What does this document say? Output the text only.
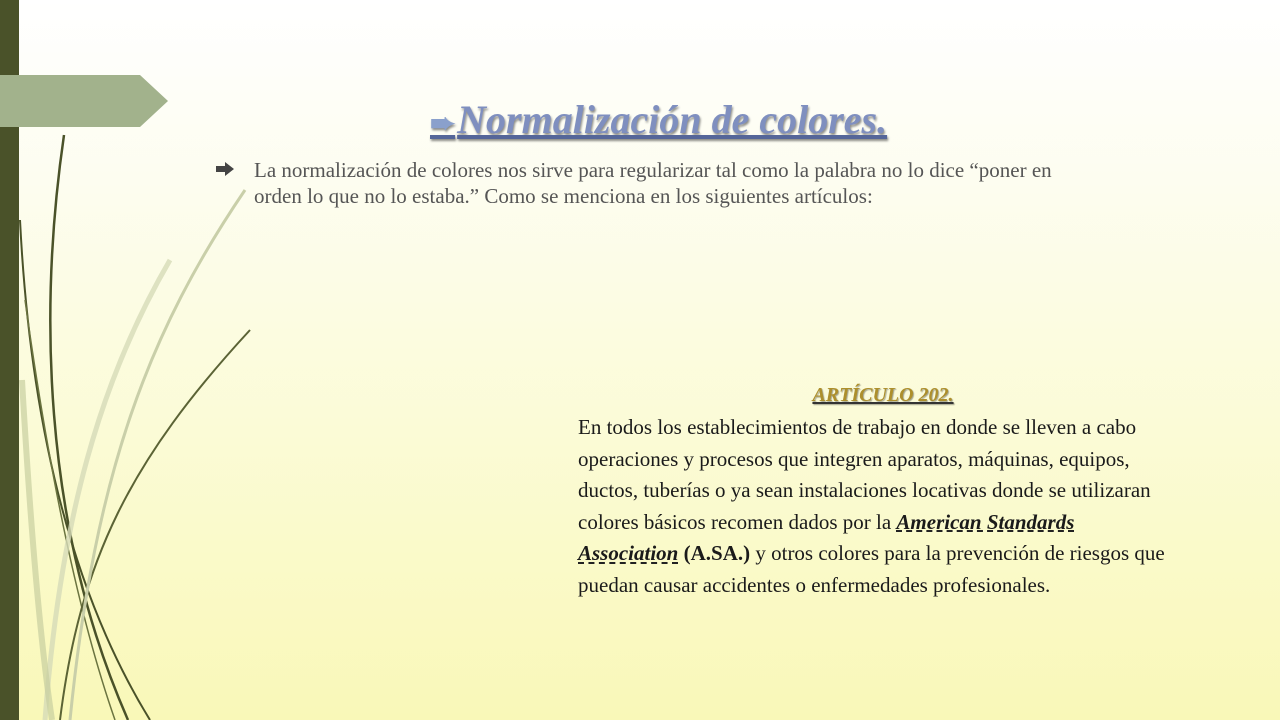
➨Normalización de colores.
La normalización de colores nos sirve para regularizar tal como la palabra no lo dice “poner en orden lo que no lo estaba.” Como se menciona en los siguientes artículos:
ARTÍCULO 202.
En todos los establecimientos de trabajo en donde se lleven a cabo operaciones y procesos que integren aparatos, máquinas, equipos, ductos, tuberías o ya sean instalaciones locativas donde se utilizaran colores básicos recomen dados por la American Standards Association (A.SA.) y otros colores para la prevención de riesgos que puedan causar accidentes o enfermedades profesionales.
